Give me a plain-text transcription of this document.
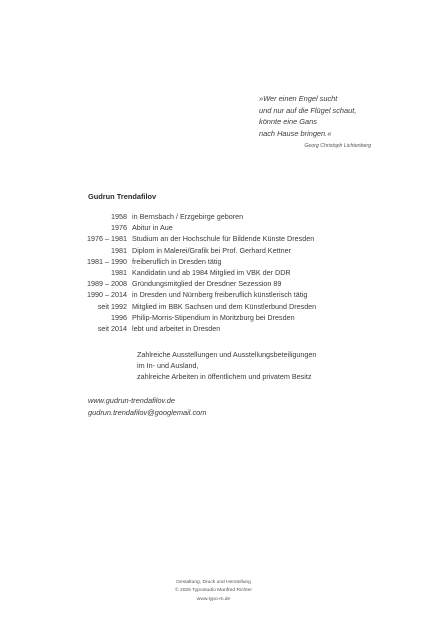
»Wer einen Engel sucht
und nur auf die Flügel schaut,
könnte eine Gans
nach Hause bringen.«
Georg Christoph Lichtenberg
Gudrun Trendafilov
1958 in Bernsbach / Erzgebirge geboren
1976 Abitur in Aue
1976 – 1981 Studium an der Hochschule für Bildende Künste Dresden
1981 Diplom in Malerei/Grafik bei Prof. Gerhard Kettner
1981 – 1990 freiberuflich in Dresden tätig
1981 Kandidatin und ab 1984 Mitglied im VBK der DDR
1989 – 2008 Gründungsmitglied der Dresdner Sezession 89
1990 – 2014 in Dresden und Nürnberg freiberuflich künstlerisch tätig
seit 1992 Mitglied im BBK Sachsen und dem Künstlerbund Dresden
1996 Philip-Morris-Stipendium in Moritzburg bei Dresden
seit 2014 lebt und arbeitet in Dresden
Zahlreiche Ausstellungen und Ausstellungsbeteiligungen
im In- und Ausland,
zahlreiche Arbeiten in öffentlichem und privatem Besitz
www.gudrun-trendafilov.de
gudrun.trendafilov@googlemail.com
Gestaltung, Druck und Herstellung
© 2025 Typostudio Manfred Richter
www.typo-m.de
